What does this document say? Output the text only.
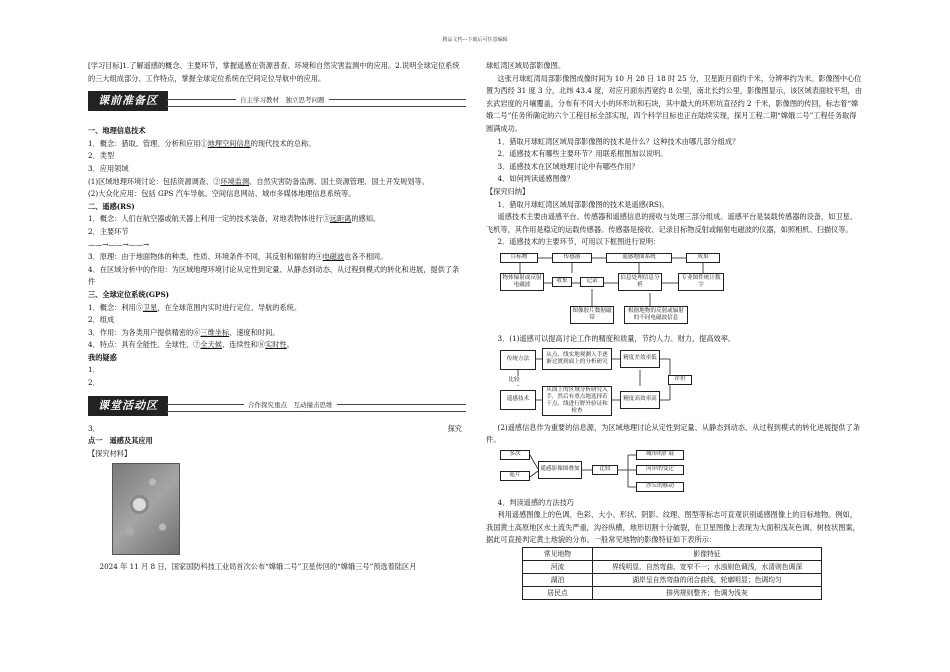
精品文档---下载后可任意编辑

[学习目标]1.了解遥感的概念、主要环节，掌握遥感在资源普查、环境和自然灾害监测中的应用。2.说明全球定位系统的三大组成部分、工作特点，掌握全球定位系统在空间定位导航中的应用。

课前准备区	自主学习教材　独立思考问题

一、地理信息技术

1．概念：猎取、管理、分析和应用①地理空间信息的现代技术的总称。

2．类型

3．应用领域

(1)区域地理环境讨论：包括资源调查、②环境监测、自然灾害防备监测、国土资源管理、国土开发规划等。

(2)大众化应用：包括 GPS 汽车导航、空间信息网站、城市多媒体地理信息系统等。

二、遥感(RS)

1．概念：人们在航空器或航天器上利用一定的技术装备，对地表物体进行③远距离的感知。

2．主要环节

——→——→——→

3．原理：由于地面物体的种类、性质、环境条件不同，其反射和辐射的④电磁波也各不相同。

4．在区域分析中的作用：为区域地理环境讨论从定性到定量、从静态到动态、从过程到模式的转化和进展，提供了条件

三、全球定位系统(GPS)

1．概念：利用⑤卫星，在全球范围内实时进行定位、导航的系统。

2．组成

3．作用：为各类用户提供精密的⑥三维坐标、速度和时间。

4．特点：具有全能性、全球性、⑦全天候、连续性和⑧实时性。

我的疑惑

1．

2．

课堂活动区	合作探究重点　互动撞击思维

3．	探究

点一　遥感及其应用

【探究材料】

2024 年 11 月 8 日，国家国防科技工业局首次公布“嫦娥二号”卫星传回的“嫦娥三号”预选着陆区月

球虹湾区域局部影像图。

这张月球虹湾局部影像图成像时间为 10 月 28 日 18 时 25 分，卫星距月面约千米，分辨率约为米。影像图中心位置为西经 31 度 3 分，北纬 43.4 度，对应月面东西宽约 8 公里，南北长约公里，影像图显示，该区域表面较平坦，由玄武岩度的月壤覆盖，分布有不同大小的环形坑和石块，其中最大的环形坑直径约 2 千米，影像图的传回，标志着“嫦娥二号”任务所确定的六个工程目标全部实现，四个科学目标也正在陆续实现，探月工程二期“嫦娥二号”工程任务取得圆满成功。

1．猎取月球虹湾区域局部影像图的技术是什么？这种技术由哪几部分组成？

2．遥感技术有哪些主要环节？用联系框图加以说明。

3．遥感技术在区域地理讨论中有哪些作用？

4．如何判读遥感图像？

【探究归纳】

1．猎取月球虹湾区域局部影像图的技术是遥感(RS)。

遥感技术主要由遥感平台、传感器和遥感信息的接收与处理三部分组成。遥感平台是装载传感器的设备，如卫星、飞机等，其作用是稳定的运载传感器。传感器是接收、记录目标物反射或辐射电磁波的仪器，如照相机、扫描仪等。

2．遥感技术的主要环节，可用以下框图进行说明：

目标物	传感器	遥感地面系统	成果
物体辐射或反射电磁波
收集	记录
信息处理信息分析
专业图件统计数字
图像胶片数据磁带
根据地物的反射或辐射的不同电磁波信息

3．(1)遥感可以提高讨论工作的精度和质量，节约人力、财力，提高效率。

传统方法
从点、线实地观测人手逐渐过渡到面上的分析研究
精度差效率低
比较	评价
遥感技术
从面上的区域分析研究入手，然后有重点地选择若干点、线进行野外验证和检查
精度高效率高

(2)遥感信息作为重要的信息源，为区域地理讨论从定性到定量、从静态到动态、从过程到模式的转化进展提供了条件。

多次
遥片
遥感影像图叠加	比较
城市的扩展
河岸的变迁
沙丘的移动

4．判读遥感的方法技巧

利用遥感图像上的色调、色彩、大小、形状、阴影、纹理、图型等标志可直观识别遥感图像上的目标地物。例如，我国黄土高原地区水土流失严重，沟谷纵横，地形切割十分破裂，在卫星图像上表现为大面积浅灰色调、树枝状图案，据此可直接判定黄土地貌的分布。一般常见地物的影像特征如下表所示：

常见地物	影像特征
河流	界线明显、自然弯曲、宽窄不一；水浊则色调浅，水清则色调深
湖泊	湖岸呈自然弯曲的闭合曲线，轮廓明显；色调均匀
居民点	排列规则整齐；色调为浅灰
